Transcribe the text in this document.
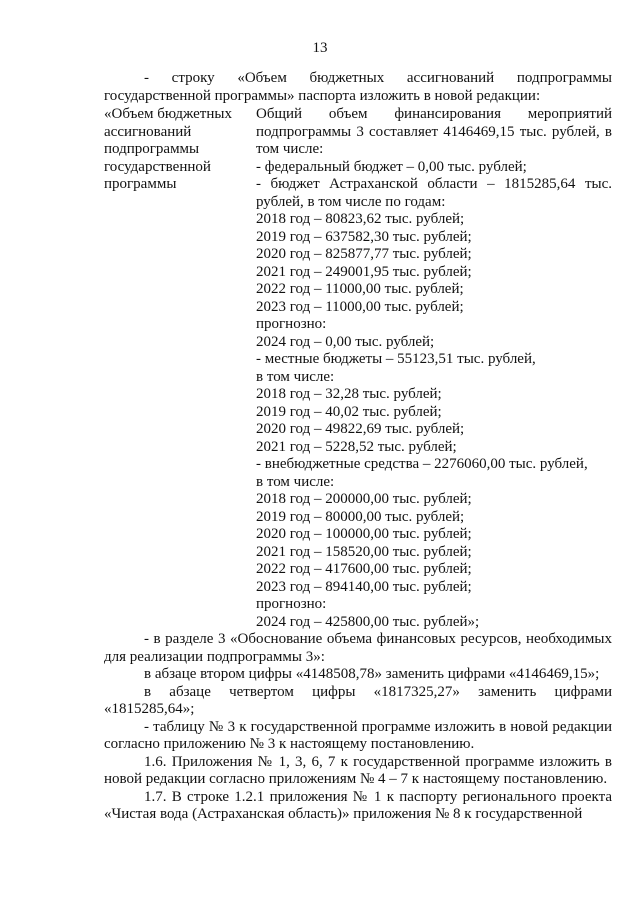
13

- строку «Объем бюджетных ассигнований подпрограммы государственной программы» паспорта изложить в новой редакции:

«Объем бюджетных ассигнований подпрограммы государственной программы
Общий объем финансирования мероприятий подпрограммы 3 составляет 4146469,15 тыс. рублей, в том числе:
- федеральный бюджет – 0,00 тыс. рублей;
- бюджет Астраханской области – 1815285,64 тыс. рублей, в том числе по годам:
2018 год – 80823,62 тыс. рублей;
2019 год – 637582,30 тыс. рублей;
2020 год – 825877,77 тыс. рублей;
2021 год – 249001,95 тыс. рублей;
2022 год – 11000,00 тыс. рублей;
2023 год – 11000,00 тыс. рублей;
прогнозно:
2024 год – 0,00 тыс. рублей;
- местные бюджеты – 55123,51 тыс. рублей,
в том числе:
2018 год – 32,28 тыс. рублей;
2019 год – 40,02 тыс. рублей;
2020 год – 49822,69 тыс. рублей;
2021 год – 5228,52 тыс. рублей;
- внебюджетные средства – 2276060,00 тыс. рублей,
в том числе:
2018 год – 200000,00 тыс. рублей;
2019 год – 80000,00 тыс. рублей;
2020 год – 100000,00 тыс. рублей;
2021 год – 158520,00 тыс. рублей;
2022 год – 417600,00 тыс. рублей;
2023 год – 894140,00 тыс. рублей;
прогнозно:
2024 год – 425800,00 тыс. рублей»;

- в разделе 3 «Обоснование объема финансовых ресурсов, необходимых для реализации подпрограммы 3»:

в абзаце втором цифры «4148508,78» заменить цифрами «4146469,15»;

в абзаце четвертом цифры «1817325,27» заменить цифрами

«1815285,64»;

- таблицу № 3 к государственной программе изложить в новой редакции согласно приложению № 3 к настоящему постановлению.

1.6. Приложения № 1, 3, 6, 7 к государственной программе изложить в новой редакции согласно приложениям № 4 – 7 к настоящему постановлению.

1.7. В строке 1.2.1 приложения № 1 к паспорту регионального проекта «Чистая вода (Астраханская область)» приложения № 8 к государственной
